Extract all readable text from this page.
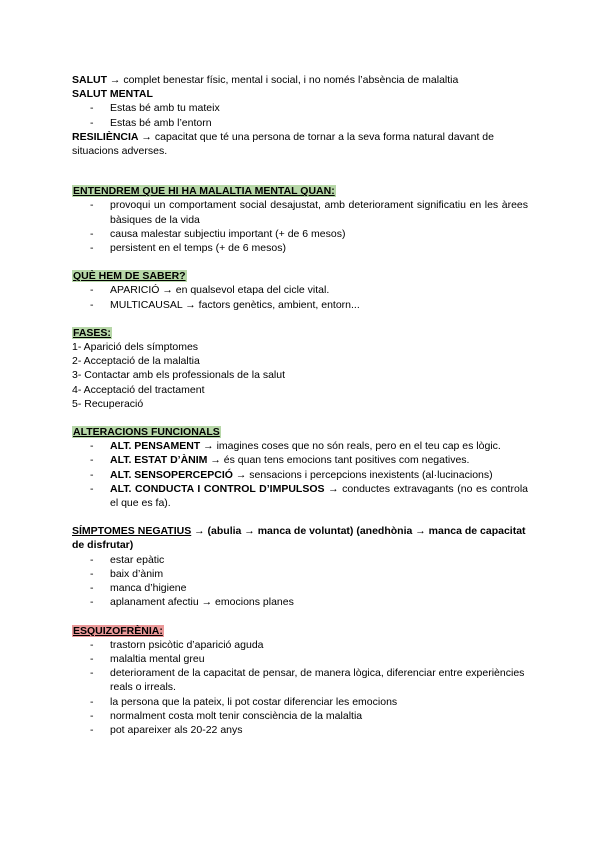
SALUT → complet benestar físic, mental i social, i no només l’absència de malaltia

SALUT MENTAL

- Estas bé amb tu mateix
- Estas bé amb l’entorn

RESILIÈNCIA → capacitat que té una persona de tornar a la seva forma natural davant de situacions adverses.

ENTENDREM QUE HI HA MALALTIA MENTAL QUAN:

- provoqui un comportament social desajustat, amb deteriorament significatiu en les àrees bàsiques de la vida
- causa malestar subjectiu important (+ de 6 mesos)
- persistent en el temps (+ de 6 mesos)

QUÈ HEM DE SABER?

- APARICIÓ → en qualsevol etapa del cicle vital.
- MULTICAUSAL → factors genètics, ambient, entorn...

FASES:

1- Aparició dels símptomes

2- Acceptació de la malaltia

3- Contactar amb els professionals de la salut

4- Acceptació del tractament

5- Recuperació

ALTERACIONS FUNCIONALS

- ALT. PENSAMENT → imagines coses que no són reals, pero en el teu cap es lògic.
- ALT. ESTAT D’ÀNIM → és quan tens emocions tant positives com negatives.
- ALT. SENSOPERCEPCIÓ → sensacions i percepcions inexistents (al·lucinacions)
- ALT. CONDUCTA I CONTROL D’IMPULSOS → conductes extravagants (no es controla el que es fa).

SÍMPTOMES NEGATIUS → (abulia → manca de voluntat) (anedhònia → manca de capacitat de disfrutar)

- estar epàtic
- baix d’ànim
- manca d’higiene
- aplanament afectiu → emocions planes

ESQUIZOFRÈNIA:

- trastorn psicòtic d’aparició aguda
- malaltia mental greu
- deteriorament de la capacitat de pensar, de manera lògica, diferenciar entre experiències reals o irreals.
- la persona que la pateix, li pot costar diferenciar les emocions
- normalment costa molt tenir consciència de la malaltia
- pot apareixer als 20-22 anys
